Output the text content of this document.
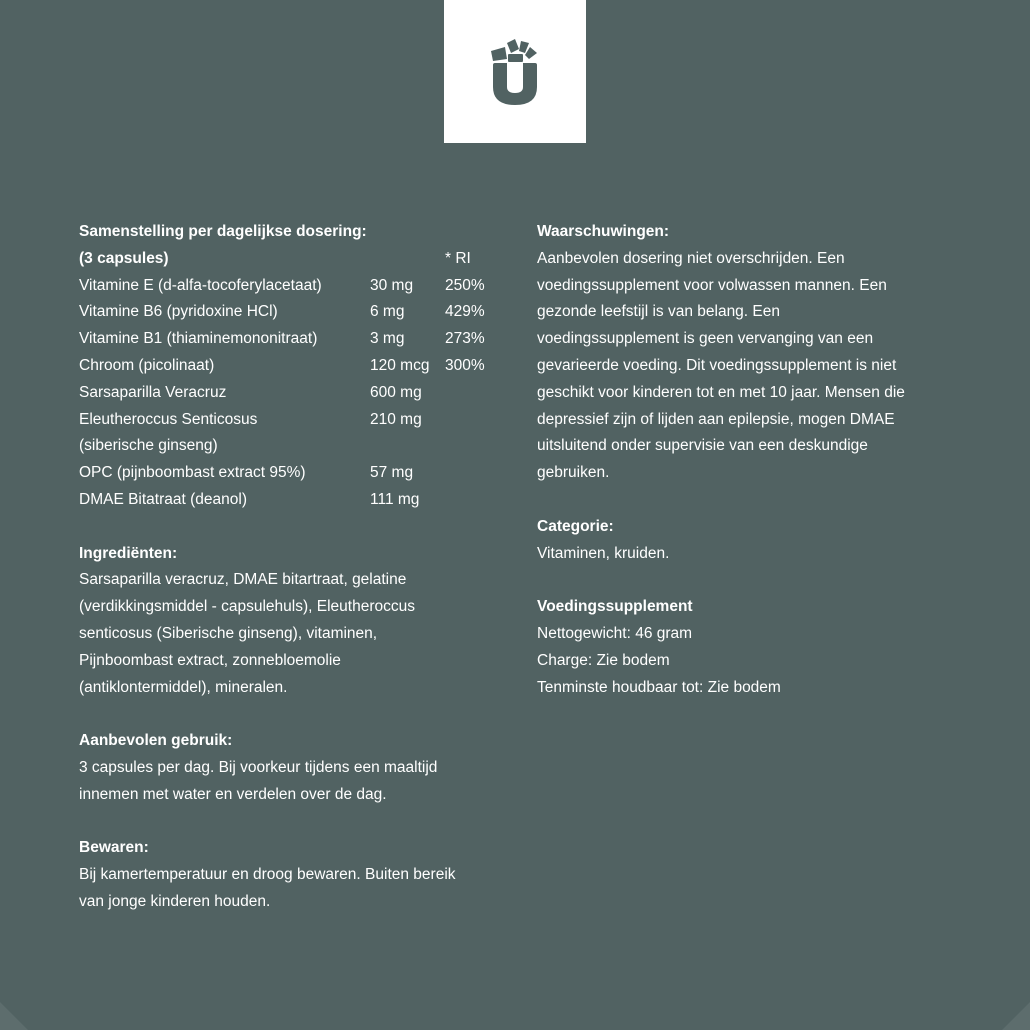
Samenstelling per dagelijkse dosering:
(3 capsules)		* RI
Vitamine E (d-alfa-tocoferylacetaat)	30 mg	250%
Vitamine B6 (pyridoxine HCl)	6 mg	429%
Vitamine B1 (thiaminemononitraat)	3 mg	273%
Chroom (picolinaat)	120 mcg	300%
Sarsaparilla Veracruz	600 mg	
Eleutheroccus Senticosus	210 mg	
(siberische ginseng)		
OPC (pijnboombast extract 95%)	57 mg	
DMAE Bitatraat (deanol)	111 mg	
Ingrediënten:
Sarsaparilla veracruz, DMAE bitartraat, gelatine
(verdikkingsmiddel - capsulehuls), Eleutheroccus
senticosus (Siberische ginseng), vitaminen,
Pijnboombast extract, zonnebloemolie
(antiklontermiddel), mineralen.
Aanbevolen gebruik:
3 capsules per dag. Bij voorkeur tijdens een maaltijd
innemen met water en verdelen over de dag.
Bewaren:
Bij kamertemperatuur en droog bewaren. Buiten bereik
van jonge kinderen houden.
Waarschuwingen:
Aanbevolen dosering niet overschrijden. Een
voedingssupplement voor volwassen mannen. Een
gezonde leefstijl is van belang. Een
voedingssupplement is geen vervanging van een
gevarieerde voeding. Dit voedingssupplement is niet
geschikt voor kinderen tot en met 10 jaar. Mensen die
depressief zijn of lijden aan epilepsie, mogen DMAE
uitsluitend onder supervisie van een deskundige
gebruiken.
Categorie:
Vitaminen, kruiden.
Voedingssupplement
Nettogewicht: 46 gram
Charge: Zie bodem
Tenminste houdbaar tot: Zie bodem
